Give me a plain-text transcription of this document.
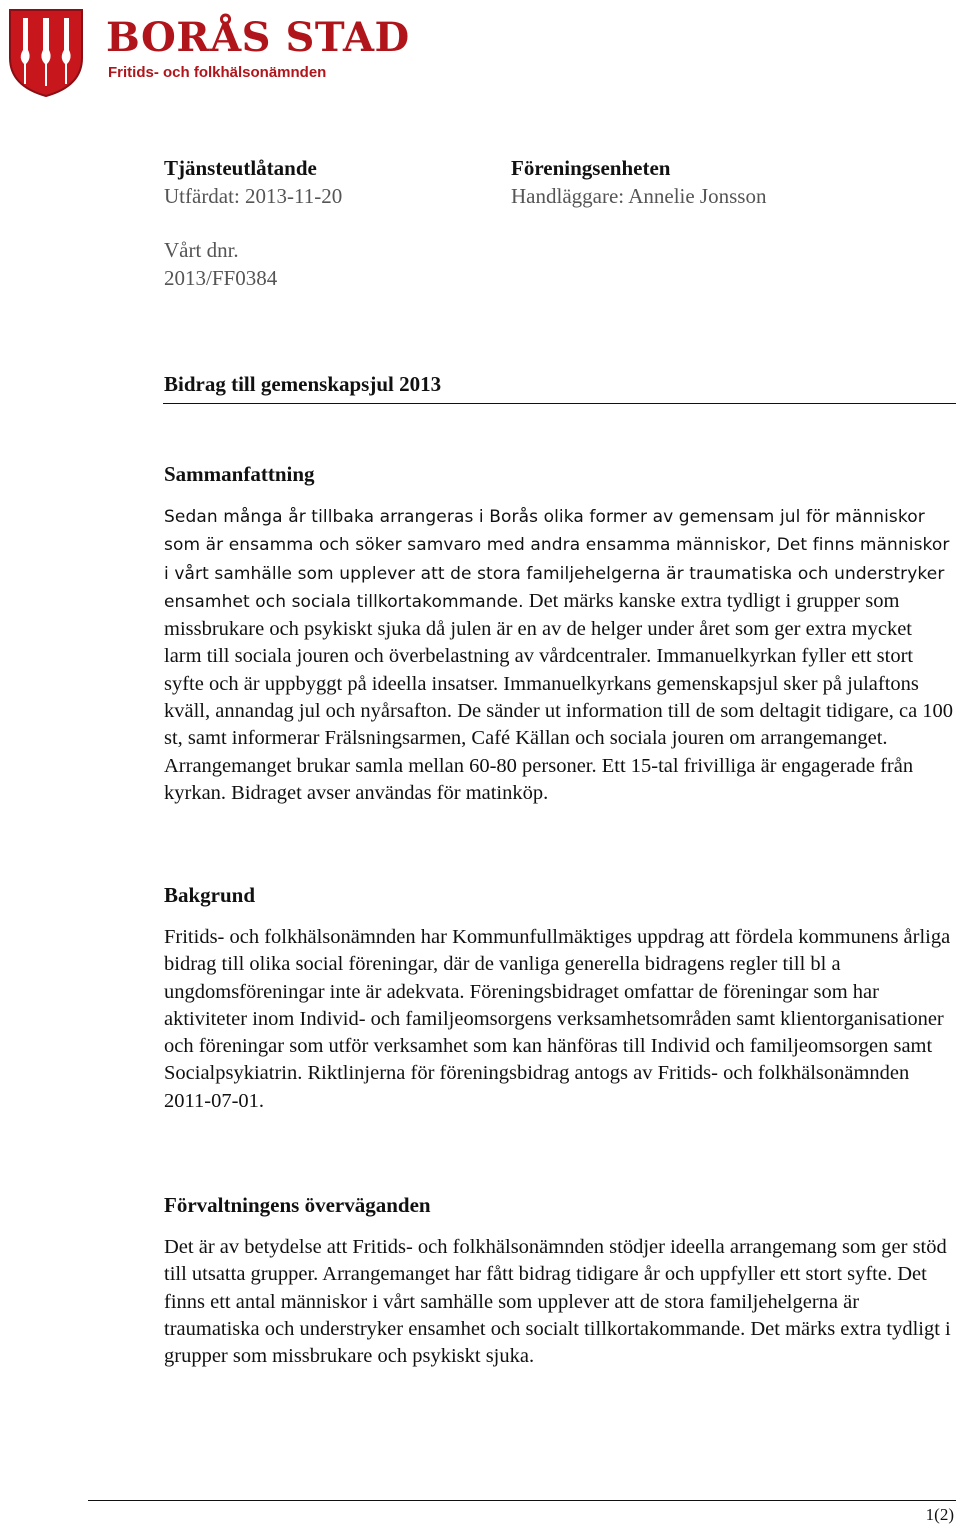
BORÅS STAD
Fritids- och folkhälsonämnden
Tjänsteutlåtande
Utfärdat: 2013-11-20
Föreningsenheten
Handläggare: Annelie Jonsson
Vårt dnr.
2013/FF0384
Bidrag till gemenskapsjul 2013
Sammanfattning

Sedan många år tillbaka arrangeras i Borås olika former av gemensam jul för människor som är ensamma och söker samvaro med andra ensamma människor, Det finns människor i vårt samhälle som upplever att de stora familjehelgerna är traumatiska och understryker ensamhet och sociala tillkortakommande. Det märks kanske extra tydligt i grupper som missbrukare och psykiskt sjuka då julen är en av de helger under året som ger extra mycket larm till sociala jouren och överbelastning av vårdcentraler. Immanuelkyrkan fyller ett stort syfte och är uppbyggt på ideella insatser. Immanuelkyrkans gemenskapsjul sker på julaftons kväll, annandag jul och nyårsafton. De sänder ut information till de som deltagit tidigare, ca 100 st, samt informerar Frälsningsarmen, Café Källan och sociala jouren om arrangemanget. Arrangemanget brukar samla mellan 60-80 personer. Ett 15-tal frivilliga är engagerade från kyrkan. Bidraget avser användas för matinköp.

Bakgrund

Fritids- och folkhälsonämnden har Kommunfullmäktiges uppdrag att fördela kommunens årliga bidrag till olika social föreningar, där de vanliga generella bidragens regler till bl a ungdomsföreningar inte är adekvata. Föreningsbidraget omfattar de föreningar som har aktiviteter inom Individ- och familjeomsorgens verksamhetsområden samt klientorganisationer och föreningar som utför verksamhet som kan hänföras till Individ och familjeomsorgen samt Socialpsykiatrin. Riktlinjerna för föreningsbidrag antogs av Fritids- och folkhälsonämnden 2011-07-01.

Förvaltningens överväganden

Det är av betydelse att Fritids- och folkhälsonämnden stödjer ideella arrangemang som ger stöd till utsatta grupper. Arrangemanget har fått bidrag tidigare år och uppfyller ett stort syfte. Det finns ett antal människor i vårt samhälle som upplever att de stora familjehelgerna är traumatiska och understryker ensamhet och socialt tillkortakommande. Det märks extra tydligt i grupper som missbrukare och psykiskt sjuka.

1(2)
